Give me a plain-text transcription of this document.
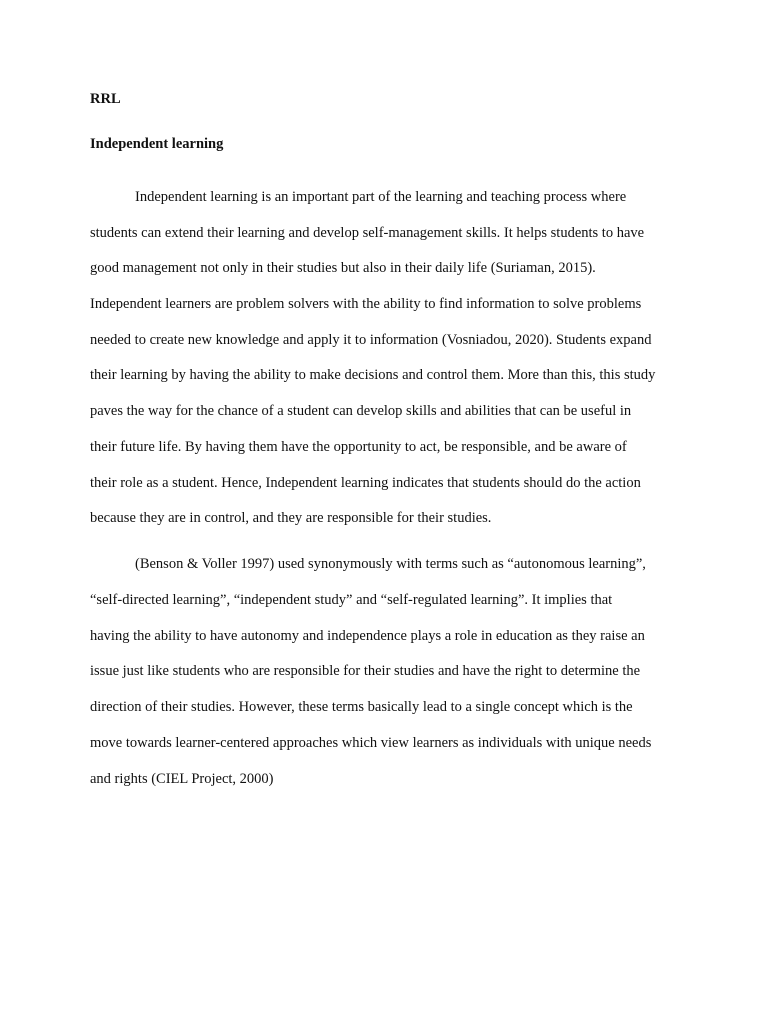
RRL
Independent learning
Independent learning is an important part of the learning and teaching process where
students can extend their learning and develop self-management skills. It helps students to have
good management not only in their studies but also in their daily life (Suriaman, 2015).
Independent learners are problem solvers with the ability to find information to solve problems
needed to create new knowledge and apply it to information (Vosniadou, 2020). Students expand
their learning by having the ability to make decisions and control them. More than this, this study
paves the way for the chance of a student can develop skills and abilities that can be useful in
their future life. By having them have the opportunity to act, be responsible, and be aware of
their role as a student. Hence, Independent learning indicates that students should do the action
because they are in control, and they are responsible for their studies.
(Benson & Voller 1997) used synonymously with terms such as “autonomous learning”,
“self-directed learning”, “independent study” and “self-regulated learning”. It implies that
having the ability to have autonomy and independence plays a role in education as they raise an
issue just like students who are responsible for their studies and have the right to determine the
direction of their studies. However, these terms basically lead to a single concept which is the
move towards learner-centered approaches which view learners as individuals with unique needs
and rights (CIEL Project, 2000)
